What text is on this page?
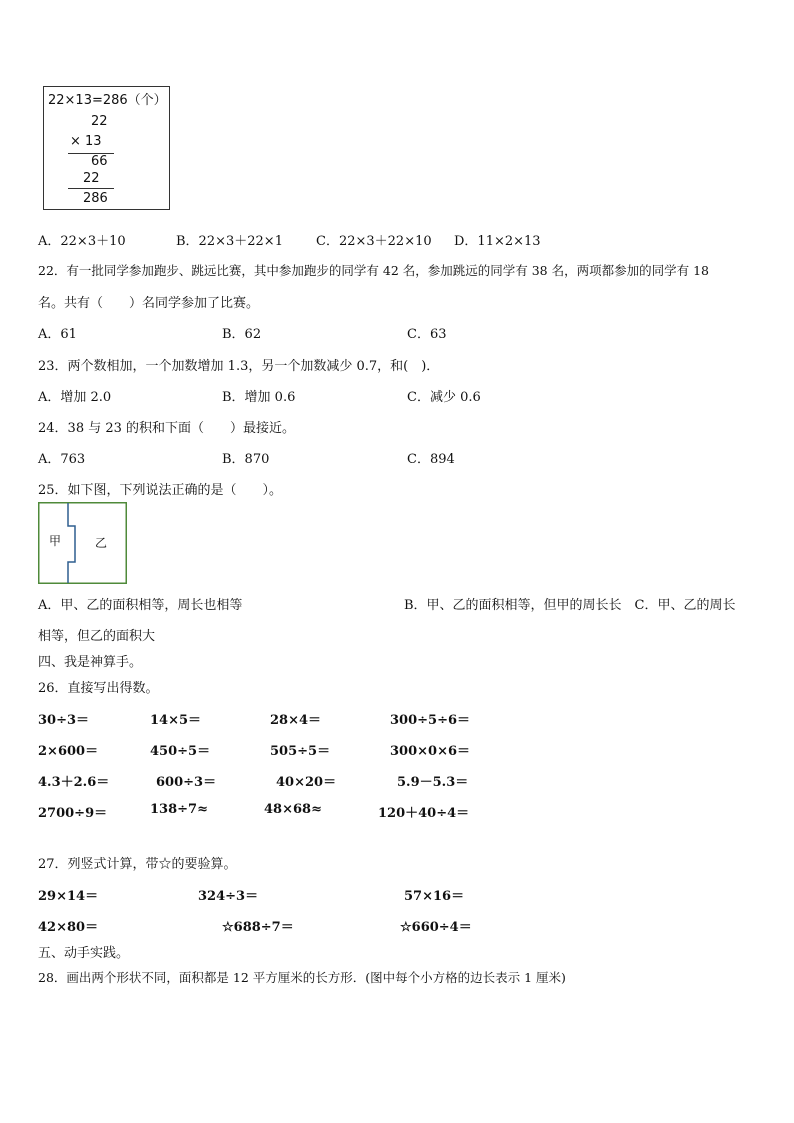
22×13=286（个）
22
× 13
66
22
286
A．22×3＋10	B．22×3＋22×1	C．22×3＋22×10 D．11×2×13
22．有一批同学参加跑步、跳远比赛，其中参加跑步的同学有 42 名，参加跳远的同学有 38 名，两项都参加的同学有 18
名。共有（　　）名同学参加了比赛。
A．61	B．62	C．63
23．两个数相加，一个加数增加 1.3，另一个加数减少 0.7，和(　)．
A．增加 2.0	B．增加 0.6	C．减少 0.6
24．38 与 23 的积和下面（　　）最接近。
A．763	B．870	C．894
25．如下图，下列说法正确的是（　　）。
甲	乙
A．甲、乙的面积相等，周长也相等	B．甲、乙的面积相等，但甲的周长长　C．甲、乙的周长
相等，但乙的面积大
四、我是神算手。
26．直接写出得数。
30÷3＝	14×5＝	28×4＝	300÷5÷6＝
2×600＝	450÷5＝	505÷5＝	300×0×6＝
4.3＋2.6＝	600÷3＝	40×20＝	5.9－5.3＝
2700÷9＝	138÷7≈	48×68≈	120＋40÷4＝
27．列竖式计算，带☆的要验算。
29×14＝	324÷3＝	57×16＝
42×80＝	☆688÷7＝	☆660÷4＝
五、动手实践。
28．画出两个形状不同，面积都是 12 平方厘米的长方形．(图中每个小方格的边长表示 1 厘米)
